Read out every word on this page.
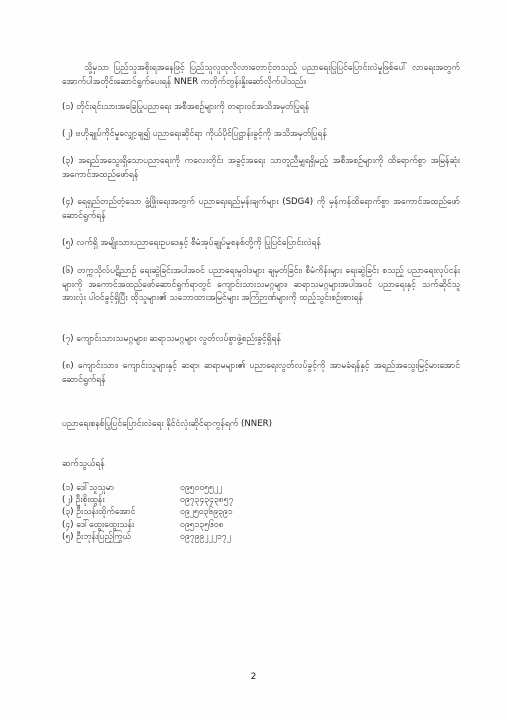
သို့မှသာ ပြည်သူအစိုးရအနေဖြင့် ပြည်သူလူထုလိုလားတောင့်တသည့် ပညာရေးပြုပြင်ပြောင်းလဲမှုဖြစ်ပေါ် လာရေးအတွက် အောက်ပါအတိုင်းဆောင်ရွက်ပေးရန် NNER ကတိုက်တွန်းနှိုးဆော်လိုက်ပါသည်။

(၁) တိုင်းရင်းသားအခြေပြုပညာရေး အစီအစဉ်များကို တရားဝင်အသိအမှတ်ပြုရန်

(၂) ဗဟိုချုပ်ကိုင်မှုလျှော့ချ၍ ပညာရေးဆိုင်ရာ ကိုယ်ပိုင်ပြဋ္ဌာန်းခွင့်ကို အသိအမှတ်ပြုရန်

(၃) အရည်အသွေးရှိသောပညာရေးကို ကလေးတိုင်း အခွင့်အရေး သာတူညီမျှရရှိမည့် အစီအစဉ်များကို ထိရောက်စွာ အမြန်ဆုံးအကောင်အထည်ဖော်ရန်

(၄) ရေရှည်တည်တံ့သော ဖွံ့ဖြိုးရေးအတွက် ပညာရေးရည်မှန်းချက်များ (SDG4) ကို မှန်ကန်ထိရောက်စွာ အကောင်အထည်ဖော် ဆောင်ရွက်ရန်

(၅) လက်ရှိ အမျိုးသားပညာရေးဥပဒေနှင့် စီမံအုပ်ချုပ်မှုစနစ်တို့ကို ပြုပြင်ပြောင်းလဲရန်

(၆) တက္ကသိုလ်ပဋိညာဉ် ရေးဆွဲခြင်းအပါအဝင် ပညာရေးမူဝါဒများ ချမှတ်ခြင်း၊ စီမံကိန်းများ ရေးဆွဲခြင်း စသည့် ပညာရေးလုပ်ငန်းများကို အကောင်အထည်ဖော်ဆောင်ရွက်ရာတွင် ကျောင်းသားသမဂ္ဂများ၊ ဆရာသမဂ္ဂများအပါအဝင် ပညာရေးနှင့် သက်ဆိုင်သူအားလုံး ပါဝင်ခွင့်ရှိပြီး ထိုသူများ၏ သဘောထားအမြင်များ အကြံဉာဏ်များကို ထည့်သွင်းစဉ်းစားရန်

(၇) ကျောင်းသားသမဂ္ဂများ၊ ဆရာသမဂ္ဂများ လွတ်လပ်စွာဖွဲ့စည်းခွင့်ရှိရန်

(၈) ကျောင်းသား၊ ကျောင်းသူများနှင့် ဆရာ၊ ဆရာမများ၏ ပညာရေးလွတ်လပ်ခွင့်ကို အာမခံရန်နှင့် အရည်အသွေးမြင့်မားအောင် ဆောင်ရွက်ရန်

ပညာရေးစနစ်ပြုပြင်ပြောင်းလဲရေး နိုင်ငံလုံးဆိုင်ရာကွန်ရက် (NNER)
ဆက်သွယ်ရန်
(၁) ဒေါ်သူသူမာ	၀၉၅၀၀၅၅၂၂
(၂) ဦးစိုးထွန်း	၀၉၇၃၄၃၄၃၈၅၇
(၃) ဦးသန်းထိုက်အောင်	၀၉၂၅၀၃၆၉၃၉၁
(၄) ဒေါ်ထွေးထွေးသန်း	၀၉၅၁၃၅၆၀၈
(၅) ဦးဘုန်းပြည့်ကြွယ်	၀၉၇၉၉၂၂၂၁၇၂
2
